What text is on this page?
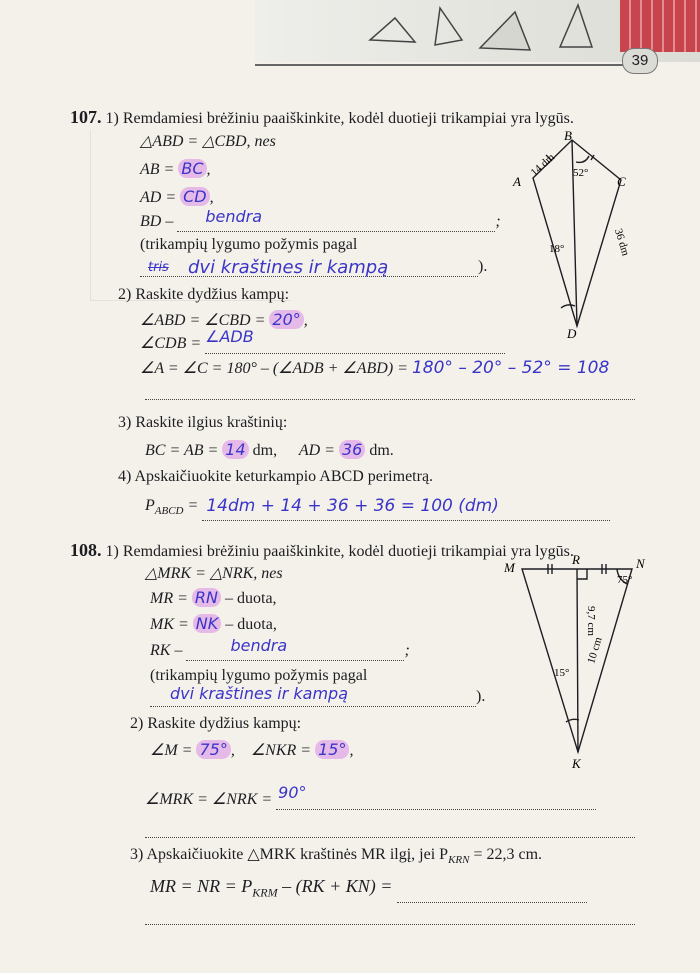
39
107. 1) Remdamiesi brėžiniu paaiškinkite, kodėl duotieji trikampiai yra lygūs.
△ABD = △CBD, nes
AB = BC ,
AD = CD ,
BD – bendra	;
(trikampių lygumo požymis pagal
tris dvi kraštines ir kampą	).
2) Raskite dydžius kampų:
∠ABD = ∠CBD = 20° ,
∠CDB = ∠ADB
∠A = ∠C = 180° – (∠ADB + ∠ABD) = 180° – 20° – 52° = 108
3) Raskite ilgius kraštinių:
BC = AB = 14 dm, AD = 36 dm.
4) Apskaičiuokite keturkampio ABCD perimetrą.
$P_{ABCD} = 14dm + 14 + 36 + 36 = 100$ (dm)
A
B
C
D
14 dm
36 dm
52°
18°
108. 1) Remdamiesi brėžiniu paaiškinkite, kodėl duotieji trikampiai yra lygūs.
△MRK = △NRK, nes
MR = RN – duota,
MK = NK – duota,
RK –	bendra	;
(trikampių lygumo požymis pagal
dvi kraštines ir kampą	).
2) Raskite dydžius kampų:
∠M = 75° ,  ∠NKR = 15° ,
∠MRK = ∠NRK = 90°
3) Apskaičiuokite △MRK kraštinės MR ilgį, jei $P_{KRN} = 22,3$ cm.
MR = NR = $P_{KRM} - (RK + KN)$ =
M
R	N
K
75°
15°
9,7 cm
10 cm
